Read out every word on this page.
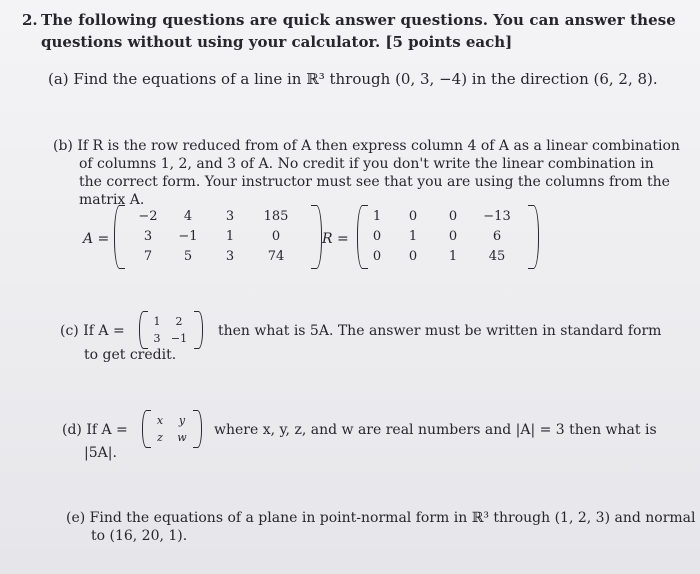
2. The following questions are quick answer questions. You can answer these
questions without using your calculator. [5 points each]
(a) Find the equations of a line in ℝ³ through (0, 3, −4) in the direction (6, 2, 8).
(b) If R is the row reduced from of A then express column 4 of A as a linear combination
of columns 1, 2, and 3 of A. No credit if you don't write the linear combination in
the correct form. Your instructor must see that you are using the columns from the
matrix A.
A =
−2	4	3	185
3	−1	1	0
7	5	3	74
R =
1	0	0	−13
0	1	0	6
0	0	1	45
(c) If A =
1	2
3 −1 then what is 5A. The answer must be written in standard form
to get credit.
(d) If A =
x	y
z	w	where x, y, z, and w are real numbers and |A| = 3 then what is
|5A|.
(e) Find the equations of a plane in point-normal form in ℝ³ through (1, 2, 3) and normal
to (16, 20, 1).
